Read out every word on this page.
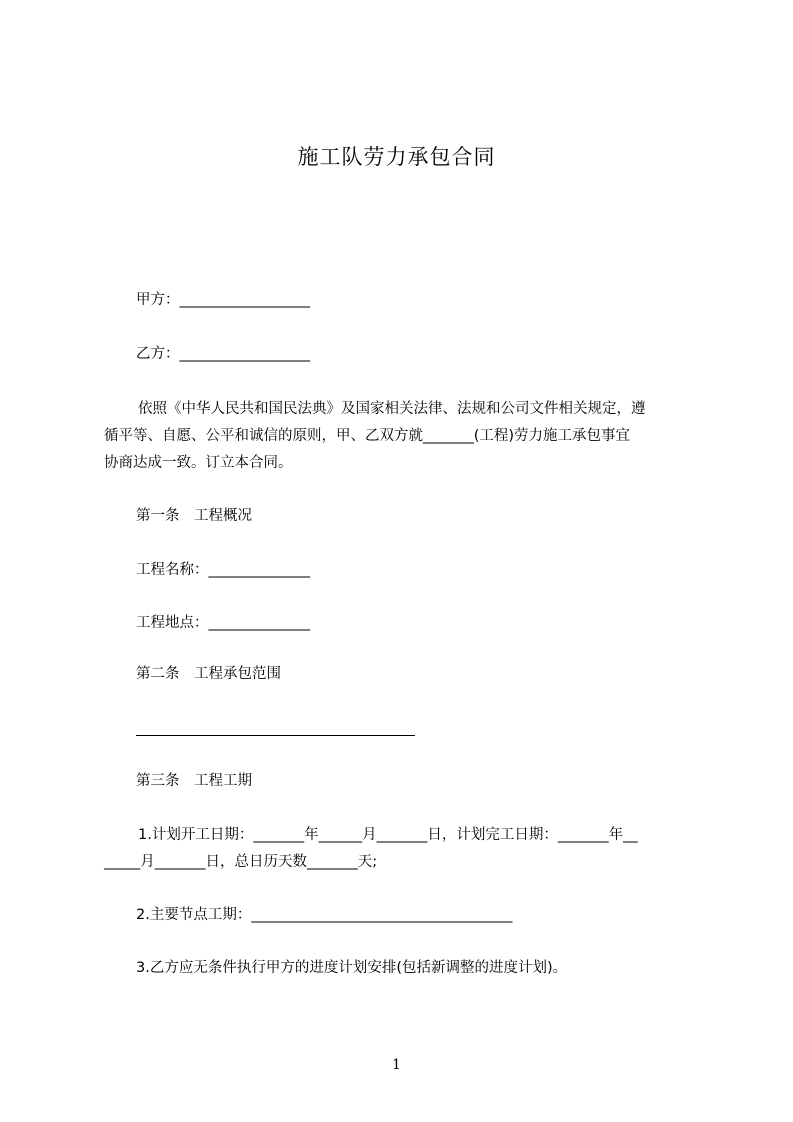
施工队劳力承包合同

甲方：__________________

乙方：__________________

依照《中华人民共和国民法典》及国家相关法律、法规和公司文件相关规定，遵

循平等、自愿、公平和诚信的原则，甲、乙双方就_______(工程)劳力施工承包事宜

协商达成一致。订立本合同。

第一条　工程概况

工程名称：______________

工程地点：______________

第二条　工程承包范围

第三条　工程工期

1.计划开工日期：_______年______月_______日，计划完工日期：_______年__

_____月_______日，总日历天数_______天;

2.主要节点工期：____________________________________

3.乙方应无条件执行甲方的进度计划安排(包括新调整的进度计划)。

1
